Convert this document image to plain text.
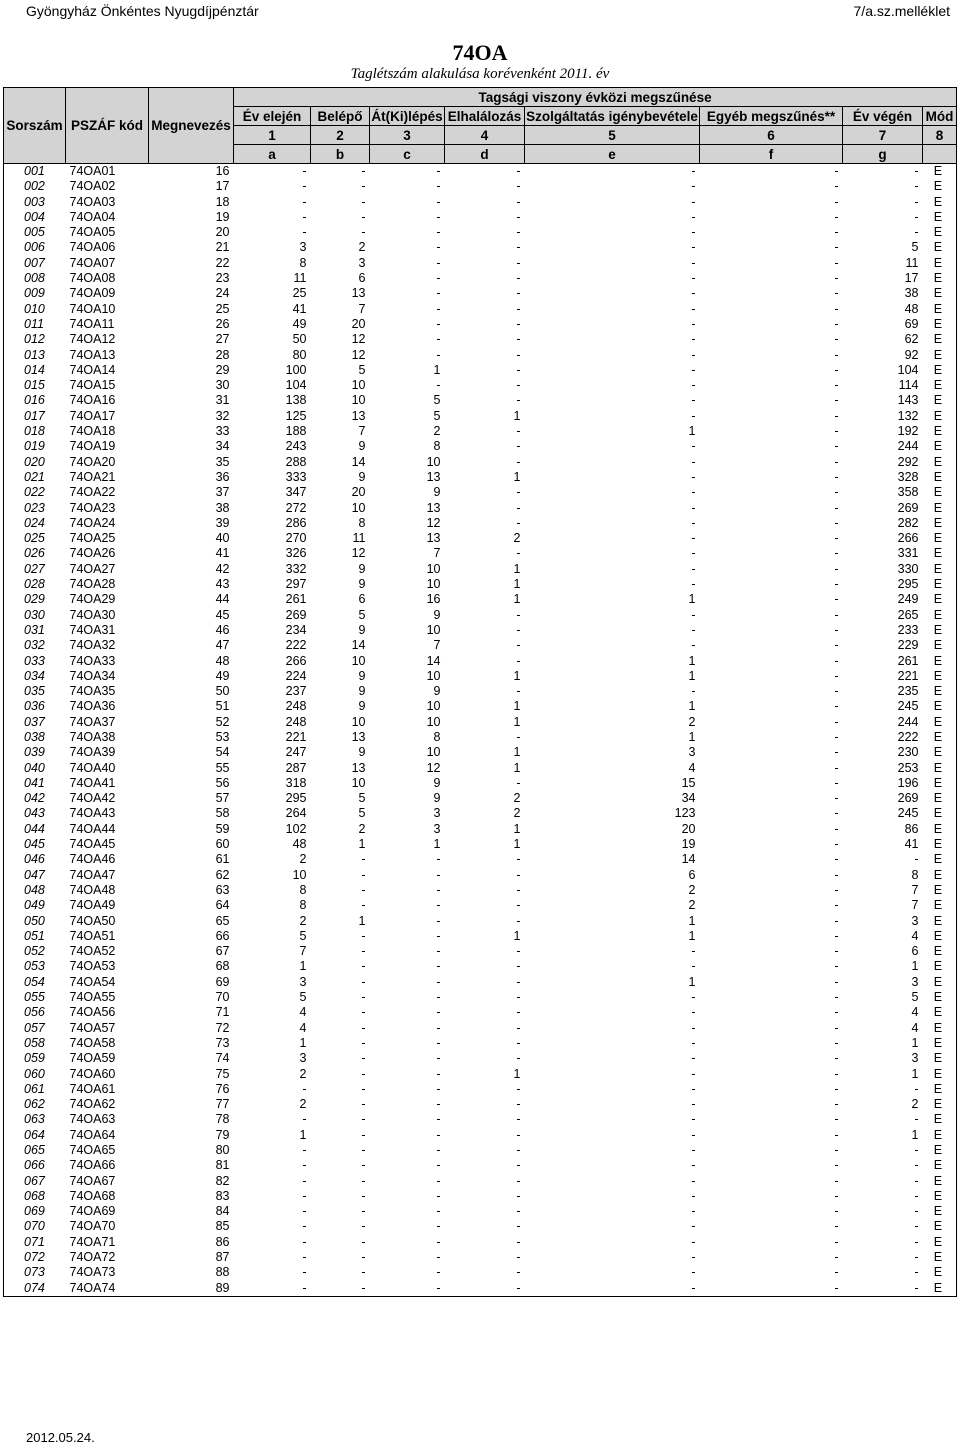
Gyöngyház Önkéntes Nyugdíjpénztár	7/a.sz.melléklet
74OA
Taglétszám alakulása korévenként 2011. év
Sorszám	PSZÁF kód	Megnevezés	Tagsági viszony évközi megszűnése							
			Év elején	Belépő	Át(Ki)lépés	Elhalálozás	Szolgáltatás igénybevétele	Egyéb megszűnés**	Év végén	Mód
			1	2	3	4	5	6	7	8
			a	b	c	d	e	f	g	
001	74OA01	16	-	-	-	-	-	-	-	E
002	74OA02	17	-	-	-	-	-	-	-	E
003	74OA03	18	-	-	-	-	-	-	-	E
004	74OA04	19	-	-	-	-	-	-	-	E
005	74OA05	20	-	-	-	-	-	-	-	E
006	74OA06	21	3	2	-	-	-	-	5	E
007	74OA07	22	8	3	-	-	-	-	11	E
008	74OA08	23	11	6	-	-	-	-	17	E
009	74OA09	24	25	13	-	-	-	-	38	E
010	74OA10	25	41	7	-	-	-	-	48	E
011	74OA11	26	49	20	-	-	-	-	69	E
012	74OA12	27	50	12	-	-	-	-	62	E
013	74OA13	28	80	12	-	-	-	-	92	E
014	74OA14	29	100	5	1	-	-	-	104	E
015	74OA15	30	104	10	-	-	-	-	114	E
016	74OA16	31	138	10	5	-	-	-	143	E
017	74OA17	32	125	13	5	1	-	-	132	E
018	74OA18	33	188	7	2	-	1	-	192	E
019	74OA19	34	243	9	8	-	-	-	244	E
020	74OA20	35	288	14	10	-	-	-	292	E
021	74OA21	36	333	9	13	1	-	-	328	E
022	74OA22	37	347	20	9	-	-	-	358	E
023	74OA23	38	272	10	13	-	-	-	269	E
024	74OA24	39	286	8	12	-	-	-	282	E
025	74OA25	40	270	11	13	2	-	-	266	E
026	74OA26	41	326	12	7	-	-	-	331	E
027	74OA27	42	332	9	10	1	-	-	330	E
028	74OA28	43	297	9	10	1	-	-	295	E
029	74OA29	44	261	6	16	1	1	-	249	E
030	74OA30	45	269	5	9	-	-	-	265	E
031	74OA31	46	234	9	10	-	-	-	233	E
032	74OA32	47	222	14	7	-	-	-	229	E
033	74OA33	48	266	10	14	-	1	-	261	E
034	74OA34	49	224	9	10	1	1	-	221	E
035	74OA35	50	237	9	9	-	-	-	235	E
036	74OA36	51	248	9	10	1	1	-	245	E
037	74OA37	52	248	10	10	1	2	-	244	E
038	74OA38	53	221	13	8	-	1	-	222	E
039	74OA39	54	247	9	10	1	3	-	230	E
040	74OA40	55	287	13	12	1	4	-	253	E
041	74OA41	56	318	10	9	-	15	-	196	E
042	74OA42	57	295	5	9	2	34	-	269	E
043	74OA43	58	264	5	3	2	123	-	245	E
044	74OA44	59	102	2	3	1	20	-	86	E
045	74OA45	60	48	1	1	1	19	-	41	E
046	74OA46	61	2	-	-	-	14	-	-	E
047	74OA47	62	10	-	-	-	6	-	8	E
048	74OA48	63	8	-	-	-	2	-	7	E
049	74OA49	64	8	-	-	-	2	-	7	E
050	74OA50	65	2	1	-	-	1	-	3	E
051	74OA51	66	5	-	-	1	1	-	4	E
052	74OA52	67	7	-	-	-	-	-	6	E
053	74OA53	68	1	-	-	-	-	-	1	E
054	74OA54	69	3	-	-	-	1	-	3	E
055	74OA55	70	5	-	-	-	-	-	5	E
056	74OA56	71	4	-	-	-	-	-	4	E
057	74OA57	72	4	-	-	-	-	-	4	E
058	74OA58	73	1	-	-	-	-	-	1	E
059	74OA59	74	3	-	-	-	-	-	3	E
060	74OA60	75	2	-	-	1	-	-	1	E
061	74OA61	76	-	-	-	-	-	-	-	E
062	74OA62	77	2	-	-	-	-	-	2	E
063	74OA63	78	-	-	-	-	-	-	-	E
064	74OA64	79	1	-	-	-	-	-	1	E
065	74OA65	80	-	-	-	-	-	-	-	E
066	74OA66	81	-	-	-	-	-	-	-	E
067	74OA67	82	-	-	-	-	-	-	-	E
068	74OA68	83	-	-	-	-	-	-	-	E
069	74OA69	84	-	-	-	-	-	-	-	E
070	74OA70	85	-	-	-	-	-	-	-	E
071	74OA71	86	-	-	-	-	-	-	-	E
072	74OA72	87	-	-	-	-	-	-	-	E
073	74OA73	88	-	-	-	-	-	-	-	E
074	74OA74	89	-	-	-	-	-	-	-	E
2012.05.24.
